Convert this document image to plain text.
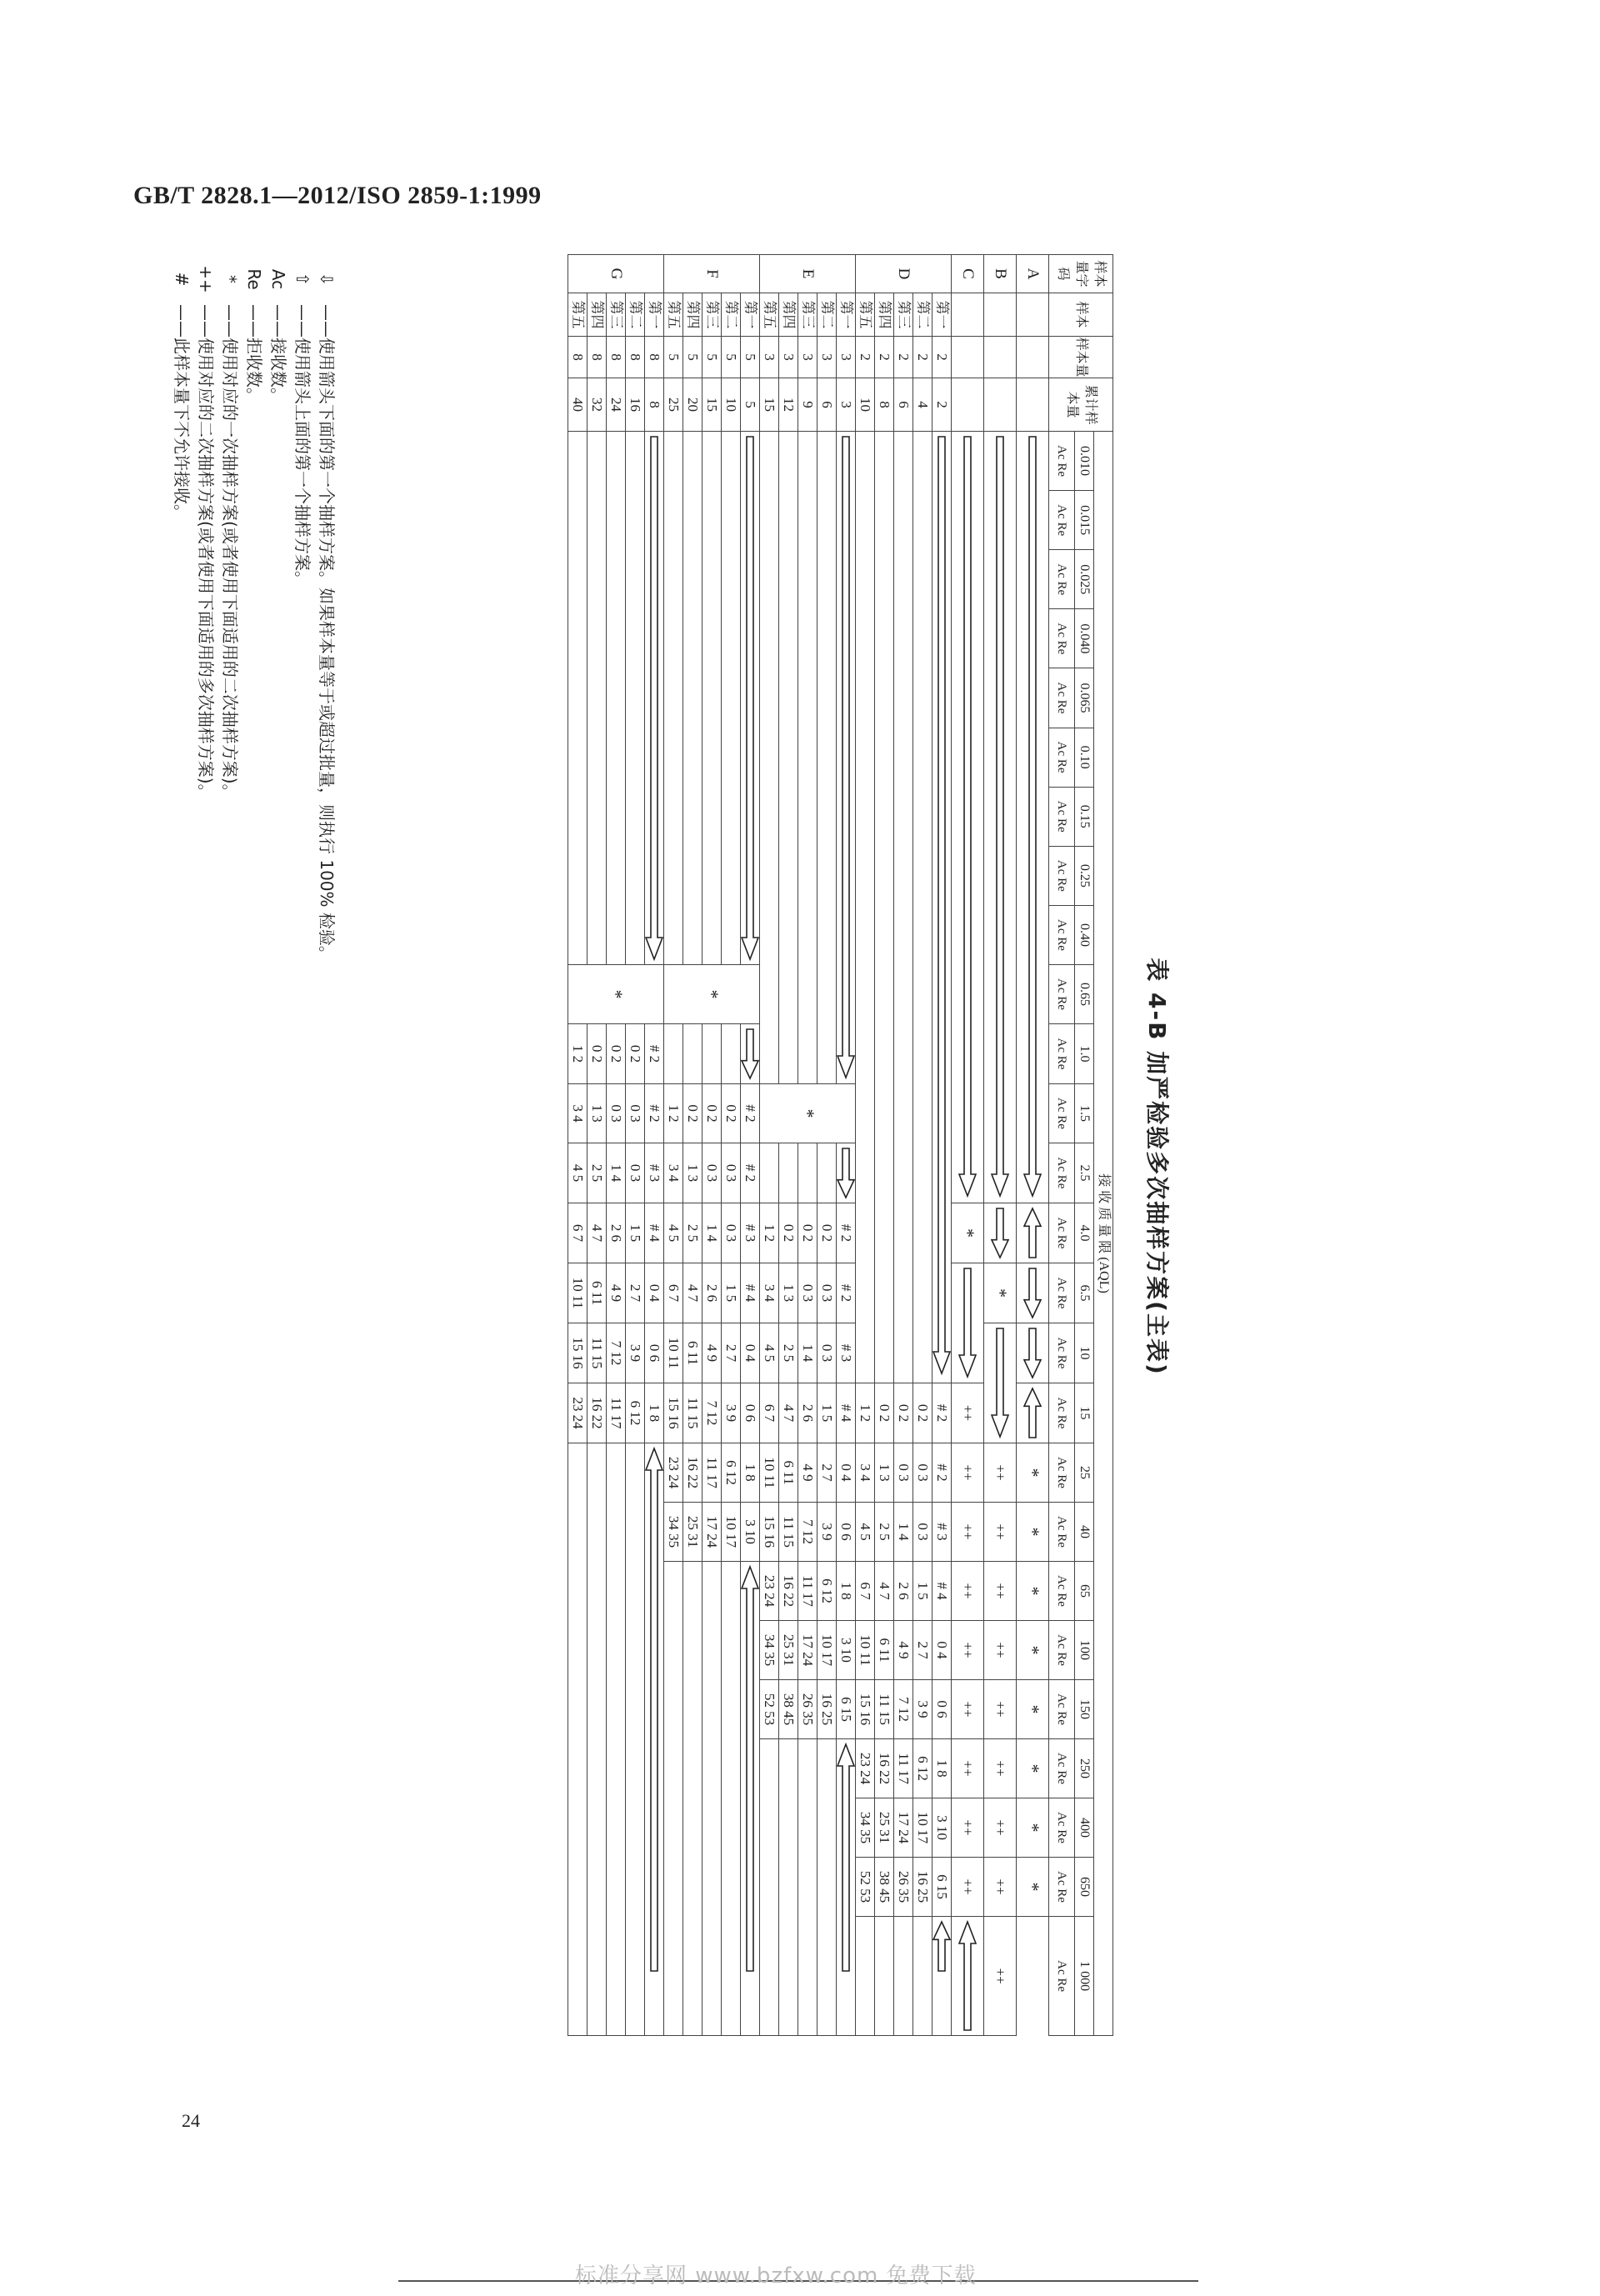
GB/T 2828.1—2012/ISO 2859-1:1999
表 4-B 加严检验多次抽样方案(主表)
样本量字码	样本	样本量	累计样本量	接 收 质 量 限 (AQL)																									
				0.010	0.015	0.025	0.040	0.065	0.10	0.15	0.25	0.40	0.65	1.0	1.5	2.5	4.0	6.5	10	15	25	40	65	100	150	250	400	650	1 000
				Ac Re	Ac Re	Ac Re	Ac Re	Ac Re	Ac Re	Ac Re	Ac Re	Ac Re	Ac Re	Ac Re	Ac Re	Ac Re	Ac Re	Ac Re	Ac Re	Ac Re	Ac Re	Ac Re	Ac Re	Ac Re	Ac Re	Ac Re	Ac Re	Ac Re	Ac Re
A																					*	*	*	*	*	*	*	*	
B																		*			++	++	++	++	++	++	++	++	++
C																	*			++	++	++	++	++	++	++	++	++	

D	第一	2	2																	# 2	# 2	# 3	# 4	0 4	0 6	1 8	3 10	6 15	

	第二	2	4																	0 2	0 3	0 3	1 5	2 7	3 9	6 12	10 17	16 25	
	第三	2	6																	0 2	0 3	1 4	2 6	4 9	7 12	11 17	17 24	26 35	
	第四	2	8																	0 2	1 3	2 5	4 7	6 11	11 15	16 22	25 31	38 45	
	第五	2	10																	1 2	3 4	4 5	6 7	10 11	15 16	23 24	34 35	52 53	
E	第一	3	3												*		# 2	# 2	# 3	# 4	0 4	0 6	1 8	3 10	6 15	

	第二	3	6														0 2	0 3	0 3	1 5	2 7	3 9	6 12	10 17	16 25				
	第三	3	9														0 2	0 3	1 4	2 6	4 9	7 12	11 17	17 24	26 35				
	第四	3	12														0 2	1 3	2 5	4 7	6 11	11 15	16 22	25 31	38 45				
	第五	3	15														1 2	3 4	4 5	6 7	10 11	15 16	23 24	34 35	52 53				
F	第一	5	5										*		# 2	# 2	# 3	# 4	0 4	0 6	1 8	3 10	

	第二	5	10												0 2	0 3	0 3	1 5	2 7	3 9	6 12	10 17							
	第三	5	15												0 2	0 3	1 4	2 6	4 9	7 12	11 17	17 24							
	第四	5	20												0 2	1 3	2 5	4 7	6 11	11 15	16 22	25 31							
	第五	5	25												1 2	3 4	4 5	6 7	10 11	15 16	23 24	34 35							
G	第一	8	8										*	# 2	# 2	# 3	# 4	0 4	0 6	1 8	

	第二	8	16											0 2	0 3	0 3	1 5	2 7	3 9	6 12									
	第三	8	24											0 2	0 3	1 4	2 6	4 9	7 12	11 17									
	第四	8	32											0 2	1 3	2 5	4 7	6 11	11 15	16 22									
	第五	8	40											1 2	3 4	4 5	6 7	10 11	15 16	23 24									
⇩
——使用箭头下面的第一个抽样方案。如果样本量等于或超过批量，则执行 100% 检验。
⇧
——使用箭头上面的第一个抽样方案。
Ac
——接收数。
Re
——拒收数。
*
——使用对应的一次抽样方案(或者使用下面适用的二次抽样方案)。
++
——使用对应的二次抽样方案(或者使用下面适用的多次抽样方案)。
#
——此样本量下不允许接收。
24
标准分享网 www.bzfxw.com 免费下载
